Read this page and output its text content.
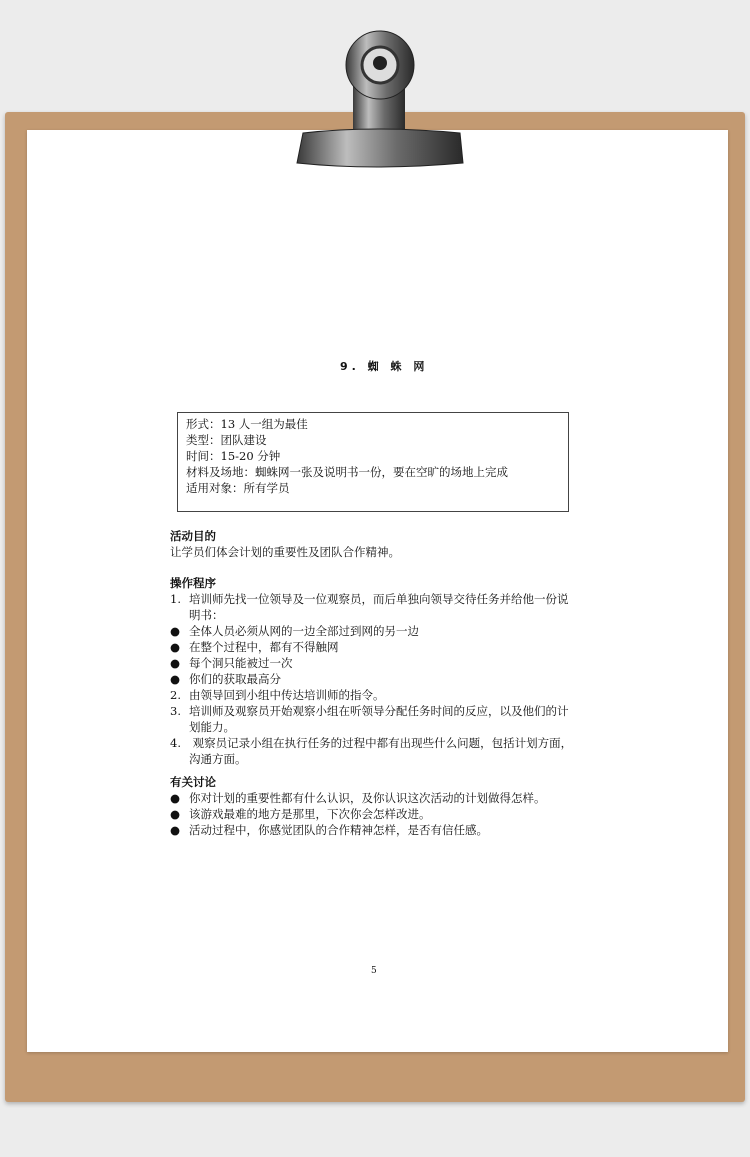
9. 蜘 蛛 网
形式：13 人一组为最佳
类型：团队建设
时间：15-20 分钟
材料及场地：蜘蛛网一张及说明书一份，要在空旷的场地上完成
适用对象：所有学员
活动目的
让学员们体会计划的重要性及团队合作精神。
操作程序
1. 培训师先找一位领导及一位观察员，而后单独向领导交待任务并给他一份说
明书：
● 全体人员必须从网的一边全部过到网的另一边
● 在整个过程中，都有不得触网
● 每个洞只能被过一次
● 你们的获取最高分
2. 由领导回到小组中传达培训师的指令。
3. 培训师及观察员开始观察小组在听领导分配任务时间的反应，以及他们的计
划能力。
4. 观察员记录小组在执行任务的过程中都有出现些什么问题，包括计划方面，
沟通方面。
有关讨论
● 你对计划的重要性都有什么认识，及你认识这次活动的计划做得怎样。
● 该游戏最难的地方是那里，下次你会怎样改进。
● 活动过程中，你感觉团队的合作精神怎样，是否有信任感。
5
